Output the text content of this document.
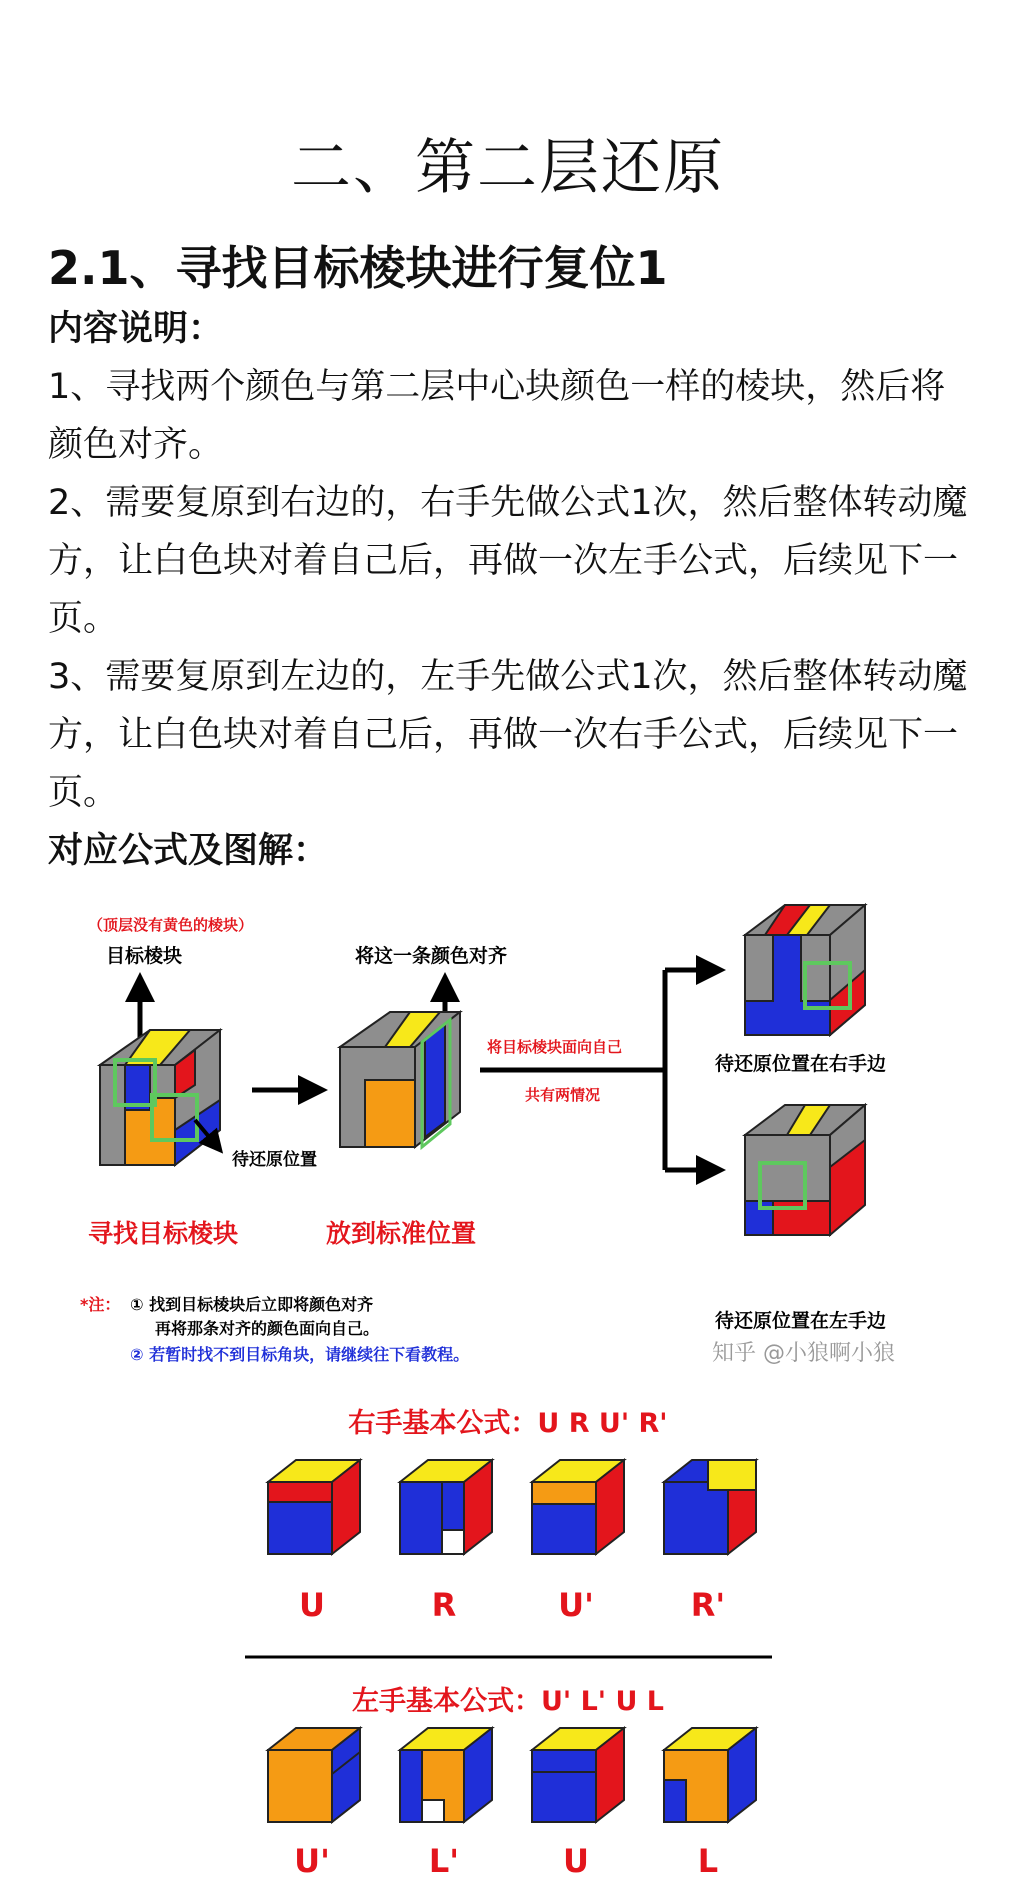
二、第二层还原
2.1、寻找目标棱块进行复位1

内容说明：

1、寻找两个颜色与第二层中心块颜色一样的棱块，然后将颜色对齐。

2、需要复原到右边的，右手先做公式1次，然后整体转动魔方，让白色块对着自己后，再做一次左手公式，后续见下一页。

3、需要复原到左边的，左手先做公式1次，然后整体转动魔方，让白色块对着自己后，再做一次右手公式，后续见下一页。

对应公式及图解：

（顶层没有黄色的棱块）
目标棱块	将这一条颜色对齐
待还原位置
将目标棱块面向自己
共有两情况
待还原位置在右手边
待还原位置在左手边
知乎 @小狼啊小狼
寻找目标棱块	放到标准位置
*注： ① 找到目标棱块后立即将颜色对齐
再将那条对齐的颜色面向自己。
② 若暂时找不到目标角块，请继续往下看教程。
右手基本公式：U R U' R'
U	R	U'	R'
左手基本公式：U' L' U L
U'	L'	U	L
